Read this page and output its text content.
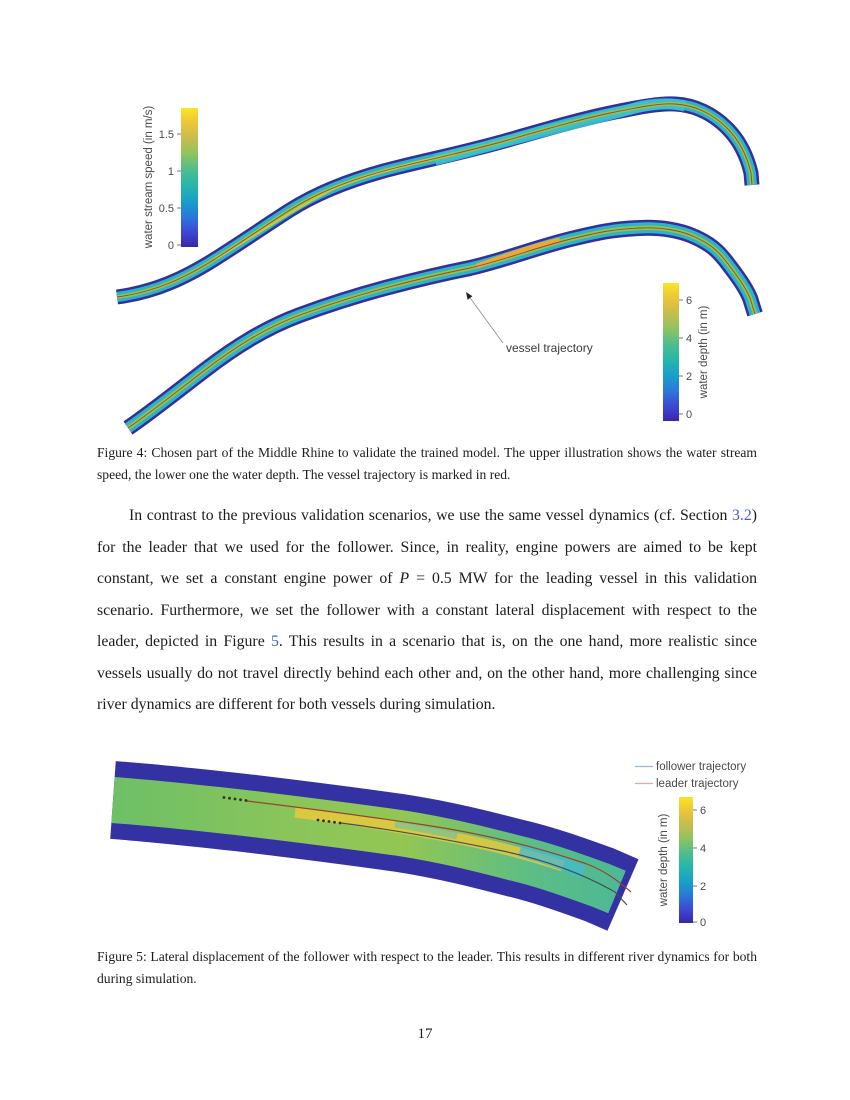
vessel trajectory
1.5
1
0.5
0
water stream speed (in m/s)
6
4
2
0
water depth (in m)
Figure 4: Chosen part of the Middle Rhine to validate the trained model. The upper illustration shows the water stream speed, the lower one the water depth. The vessel trajectory is marked in red.
In contrast to the previous validation scenarios, we use the same vessel dynamics (cf. Section 3.2) for the leader that we used for the follower. Since, in reality, engine powers are aimed to be kept constant, we set a constant engine power of P = 0.5 MW for the leading vessel in this validation scenario. Furthermore, we set the follower with a constant lateral displacement with respect to the leader, depicted in Figure 5. This results in a scenario that is, on the one hand, more realistic since vessels usually do not travel directly behind each other and, on the other hand, more challenging since river dynamics are different for both vessels during simulation.
follower trajectory
leader trajectory
6
4
2
0
water depth (in m)
Figure 5: Lateral displacement of the follower with respect to the leader. This results in different river dynamics for both during simulation.
17
